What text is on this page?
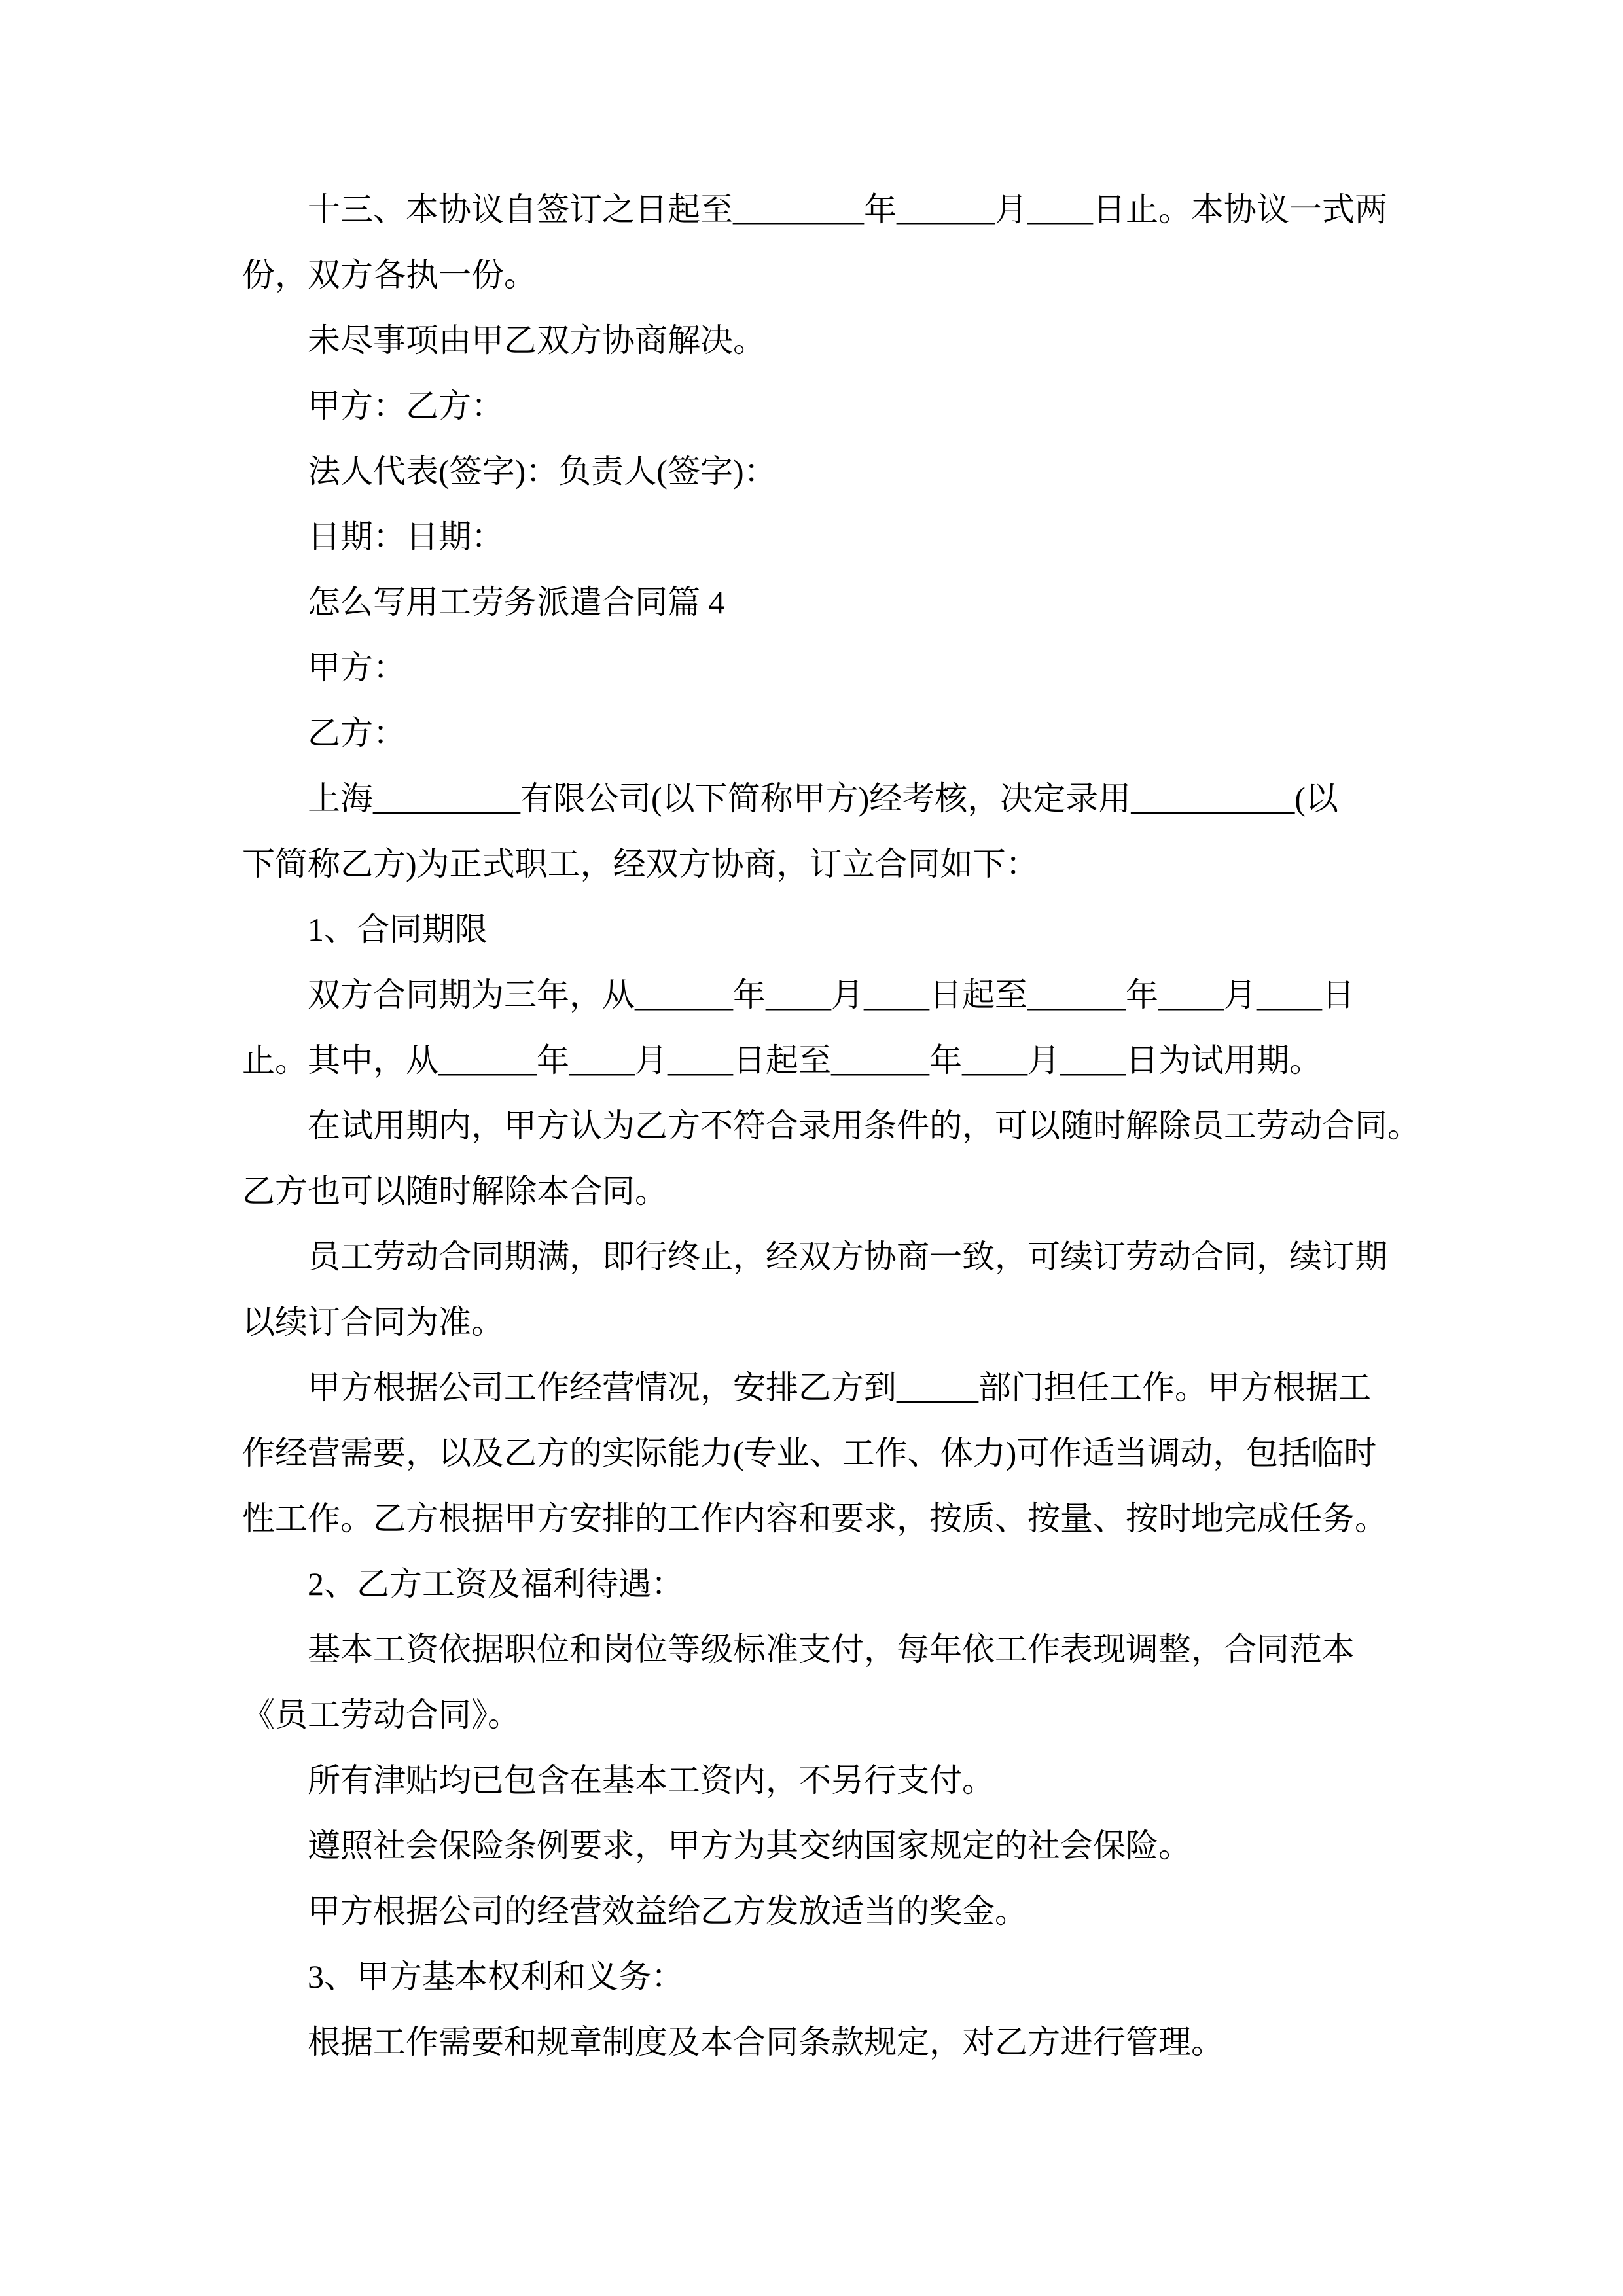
十三、本协议自签订之日起至________年______月____日止。本协议一式两
份，双方各执一份。
未尽事项由甲乙双方协商解决。
甲方：乙方：
法人代表(签字)：负责人(签字)：
日期：日期：
怎么写用工劳务派遣合同篇 4
甲方：
乙方：
上海_________有限公司(以下简称甲方)经考核，决定录用__________(以
下简称乙方)为正式职工，经双方协商，订立合同如下：
1、合同期限
双方合同期为三年，从______年____月____日起至______年____月____日
止。其中，从______年____月____日起至______年____月____日为试用期。
在试用期内，甲方认为乙方不符合录用条件的，可以随时解除员工劳动合同。
乙方也可以随时解除本合同。
员工劳动合同期满，即行终止，经双方协商一致，可续订劳动合同，续订期
以续订合同为准。
甲方根据公司工作经营情况，安排乙方到_____部门担任工作。甲方根据工
作经营需要，以及乙方的实际能力(专业、工作、体力)可作适当调动，包括临时
性工作。乙方根据甲方安排的工作内容和要求，按质、按量、按时地完成任务。
2、乙方工资及福利待遇：
基本工资依据职位和岗位等级标准支付，每年依工作表现调整，合同范本
《员工劳动合同》。
所有津贴均已包含在基本工资内，不另行支付。
遵照社会保险条例要求，甲方为其交纳国家规定的社会保险。
甲方根据公司的经营效益给乙方发放适当的奖金。
3、甲方基本权利和义务：
根据工作需要和规章制度及本合同条款规定，对乙方进行管理。
